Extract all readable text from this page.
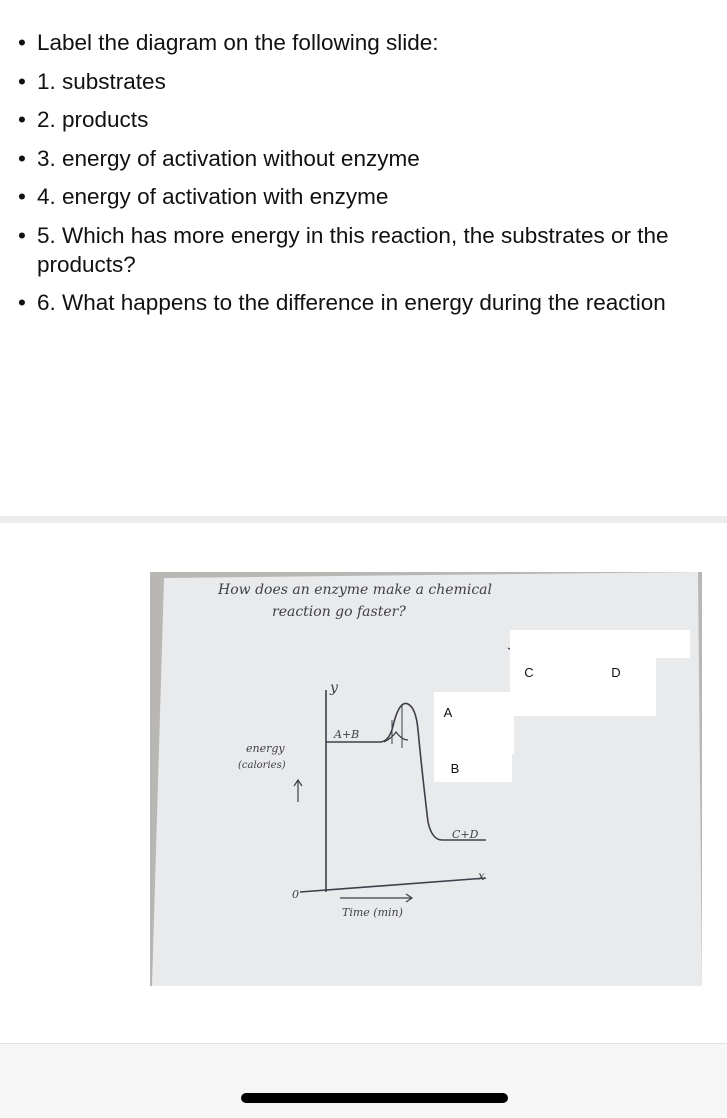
• Label the diagram on the following slide:
• 1. substrates
• 2. products
• 3. energy of activation without enzyme
• 4. energy of activation with enzyme
• 5. Which has more energy in this reaction, the substrates or the products?
• 6. What happens to the difference in energy during the reaction
How does an enzyme make a chemical
reaction go faster?
C	D
A
B
y
x
0
energy
(calories)
Time (min)
A+B
C+D
